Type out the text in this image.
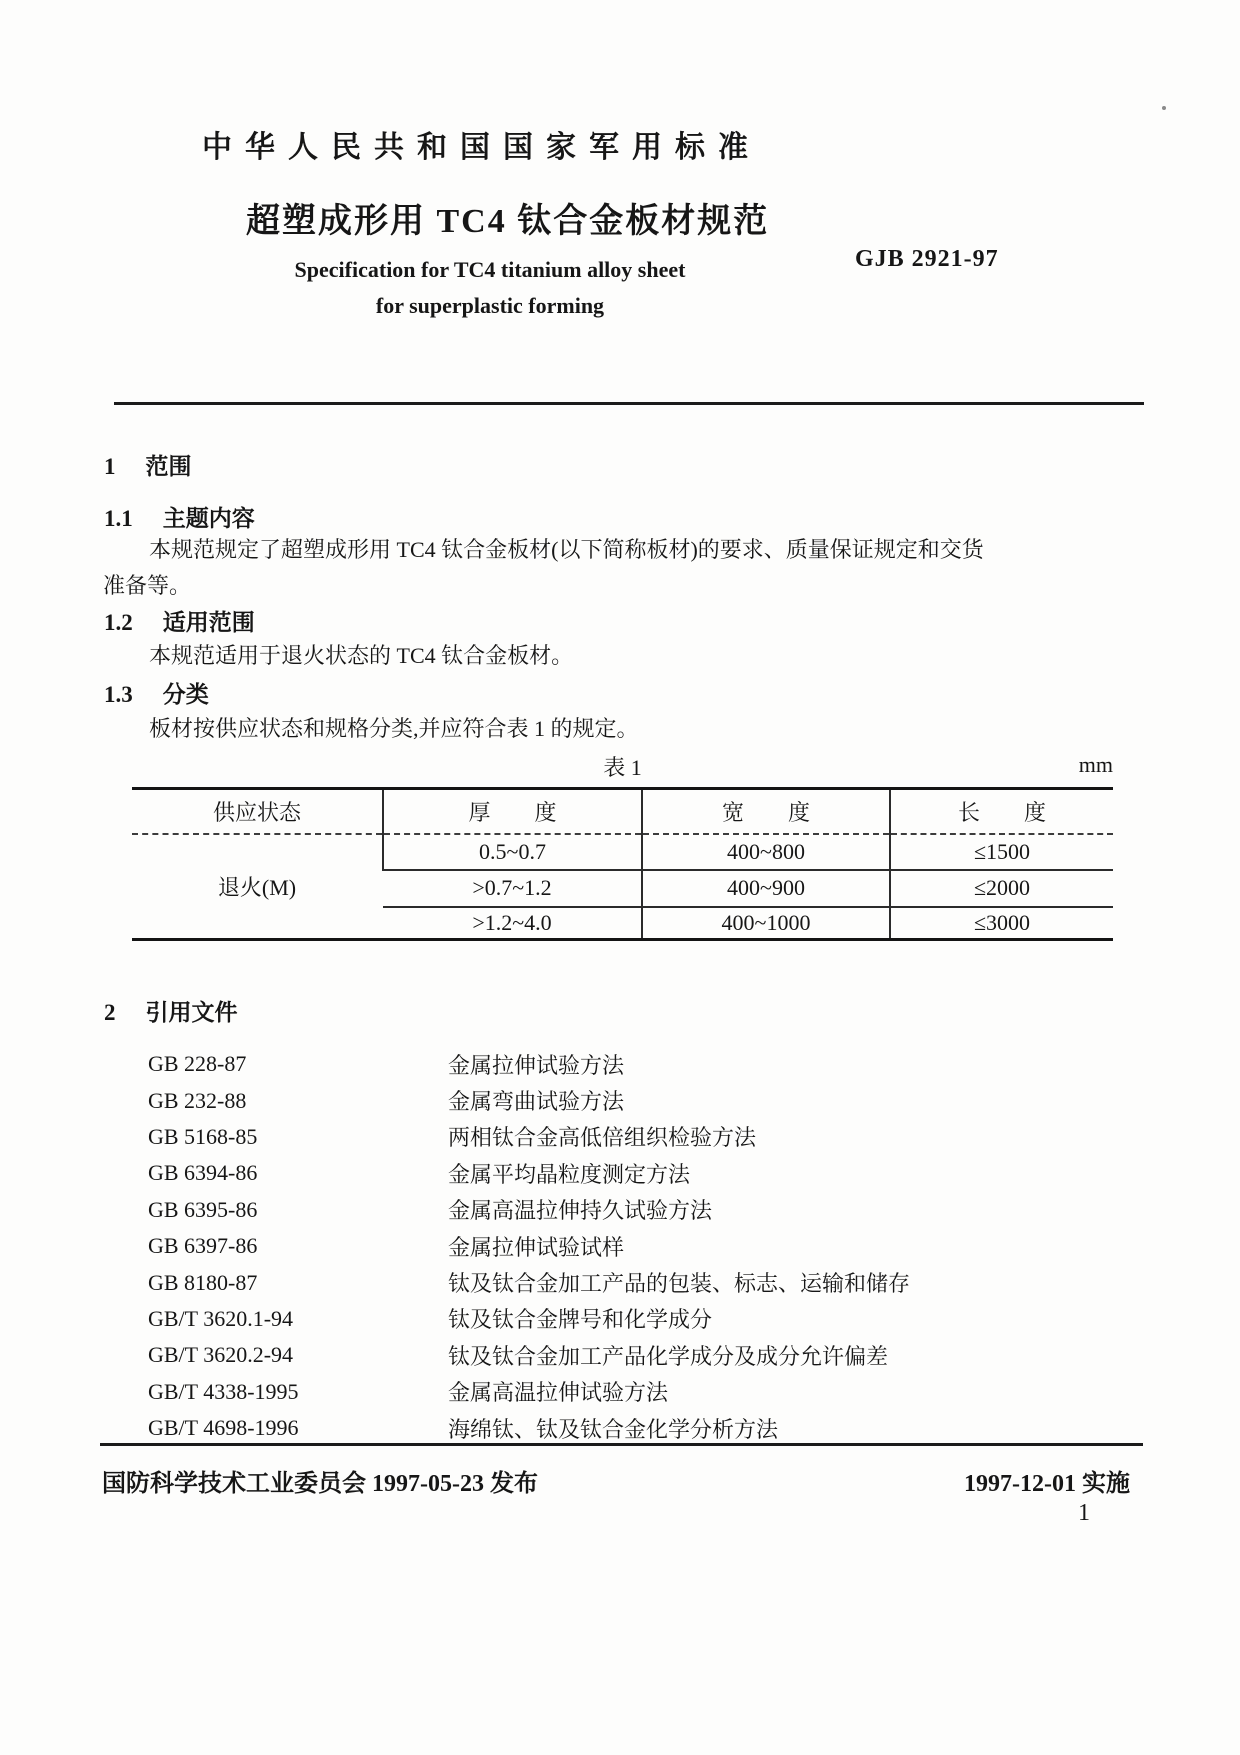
中华人民共和国国家军用标准
超塑成形用 TC4 钛合金板材规范
Specification for TC4 titanium alloy sheet
for superplastic forming
GJB 2921-97
1 范围
1.1 主题内容
本规范规定了超塑成形用 TC4 钛合金板材(以下简称板材)的要求、质量保证规定和交货
准备等。
1.2 适用范围
本规范适用于退火状态的 TC4 钛合金板材。
1.3 分类
板材按供应状态和规格分类,并应符合表 1 的规定。
表 1	mm
供应状态	厚　　度	宽　　度	长　　度
退火(M)	0.5~0.7	400~800	≤1500
	>0.7~1.2	400~900	≤2000
	>1.2~4.0	400~1000	≤3000
2 引用文件
GB 228-87	金属拉伸试验方法
GB 232-88	金属弯曲试验方法
GB 5168-85	两相钛合金高低倍组织检验方法
GB 6394-86	金属平均晶粒度测定方法
GB 6395-86	金属高温拉伸持久试验方法
GB 6397-86	金属拉伸试验试样
GB 8180-87	钛及钛合金加工产品的包装、标志、运输和储存
GB/T 3620.1-94	钛及钛合金牌号和化学成分
GB/T 3620.2-94	钛及钛合金加工产品化学成分及成分允许偏差
GB/T 4338-1995	金属高温拉伸试验方法
GB/T 4698-1996	海绵钛、钛及钛合金化学分析方法
国防科学技术工业委员会 1997-05-23 发布	1997-12-01 实施
1
